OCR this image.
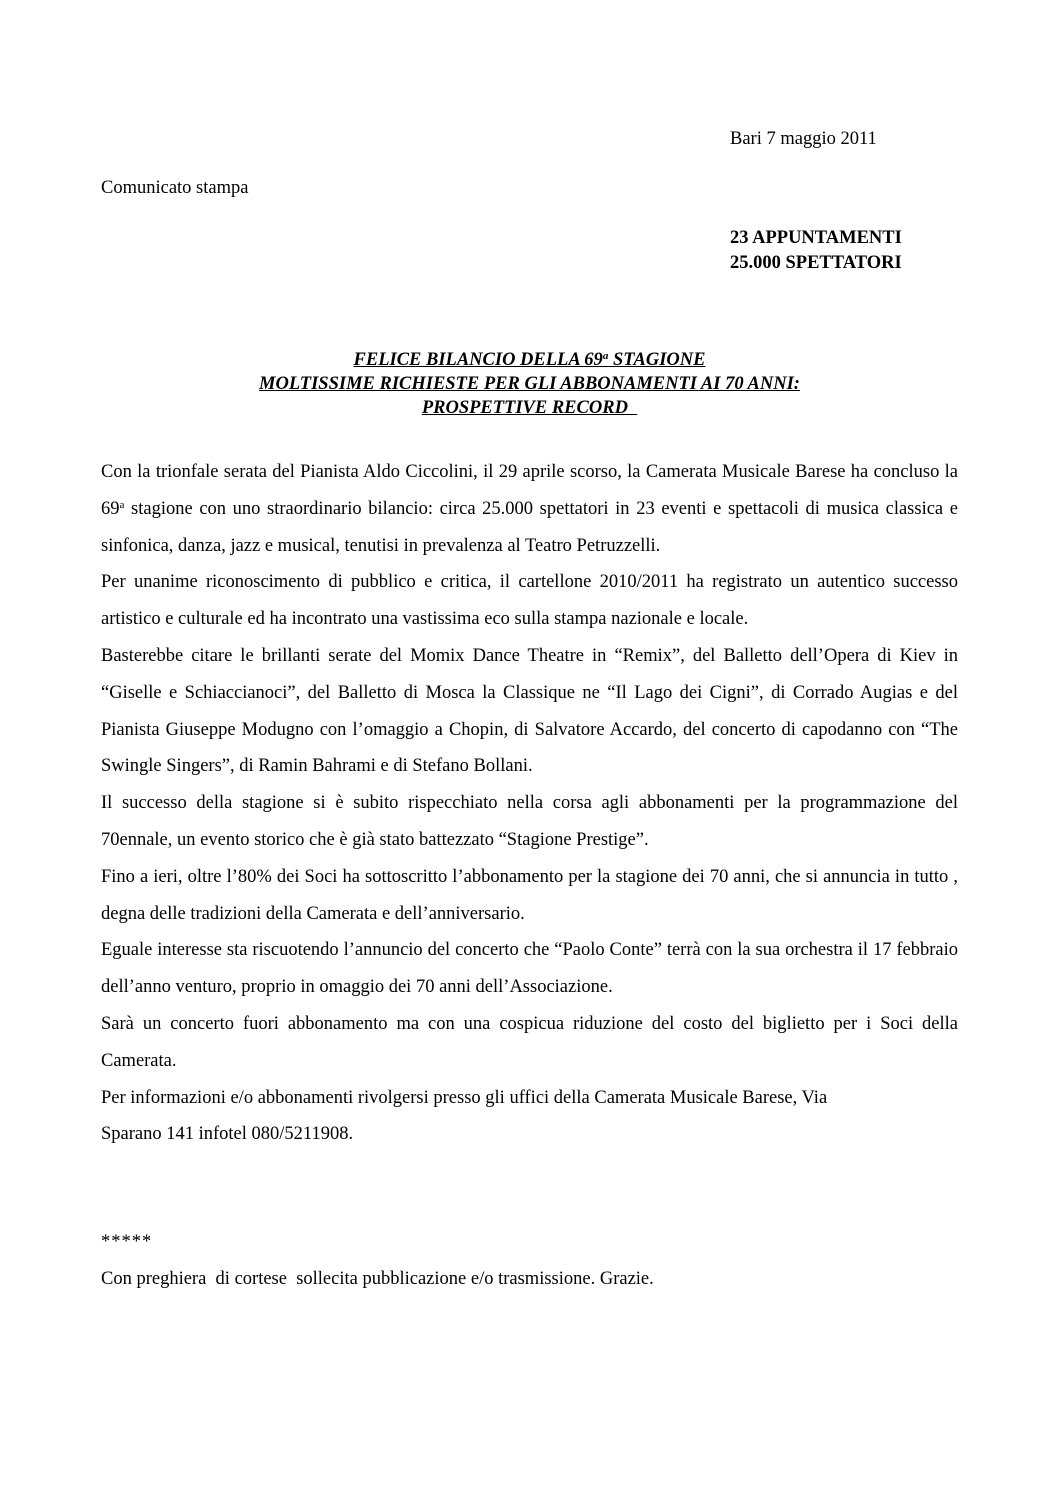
Bari 7 maggio 2011
Comunicato stampa
23 APPUNTAMENTI
25.000 SPETTATORI
FELICE BILANCIO DELLA 69$^a$ STAGIONE
MOLTISSIME RICHIESTE PER GLI ABBONAMENTI AI 70 ANNI:
PROSPETTIVE RECORD

Con la trionfale serata del Pianista Aldo Ciccolini, il 29 aprile scorso, la Camerata Musicale Barese ha concluso la 69$^a$ stagione con uno straordinario bilancio: circa 25.000 spettatori in 23 eventi e spettacoli di musica classica e sinfonica, danza, jazz e musical, tenutisi in prevalenza al Teatro Petruzzelli.

Per unanime riconoscimento di pubblico e critica, il cartellone 2010/2011 ha registrato un autentico successo artistico e culturale ed ha incontrato una vastissima eco sulla stampa nazionale e locale.

Basterebbe citare le brillanti serate del Momix Dance Theatre in “Remix”, del Balletto dell’Opera di Kiev in “Giselle e Schiaccianoci”, del Balletto di Mosca la Classique ne “Il Lago dei Cigni”, di Corrado Augias e del Pianista Giuseppe Modugno con l’omaggio a Chopin, di Salvatore Accardo, del concerto di capodanno con “The Swingle Singers”, di Ramin Bahrami e di Stefano Bollani.

Il successo della stagione si è subito rispecchiato nella corsa agli abbonamenti per la programmazione del 70ennale, un evento storico che è già stato battezzato “Stagione Prestige”.

Fino a ieri, oltre l’80% dei Soci ha sottoscritto l’abbonamento per la stagione dei 70 anni, che si annuncia in tutto , degna delle tradizioni della Camerata e dell’anniversario.

Eguale interesse sta riscuotendo l’annuncio del concerto che “Paolo Conte” terrà con la sua orchestra il 17 febbraio dell’anno venturo, proprio in omaggio dei 70 anni dell’Associazione.

Sarà un concerto fuori abbonamento ma con una cospicua riduzione del costo del biglietto per i Soci della Camerata.

Per informazioni e/o abbonamenti rivolgersi presso gli uffici della Camerata Musicale Barese, Via
Sparano 141 infotel 080/5211908.

*****
Con preghiera  di cortese  sollecita pubblicazione e/o trasmissione. Grazie.
